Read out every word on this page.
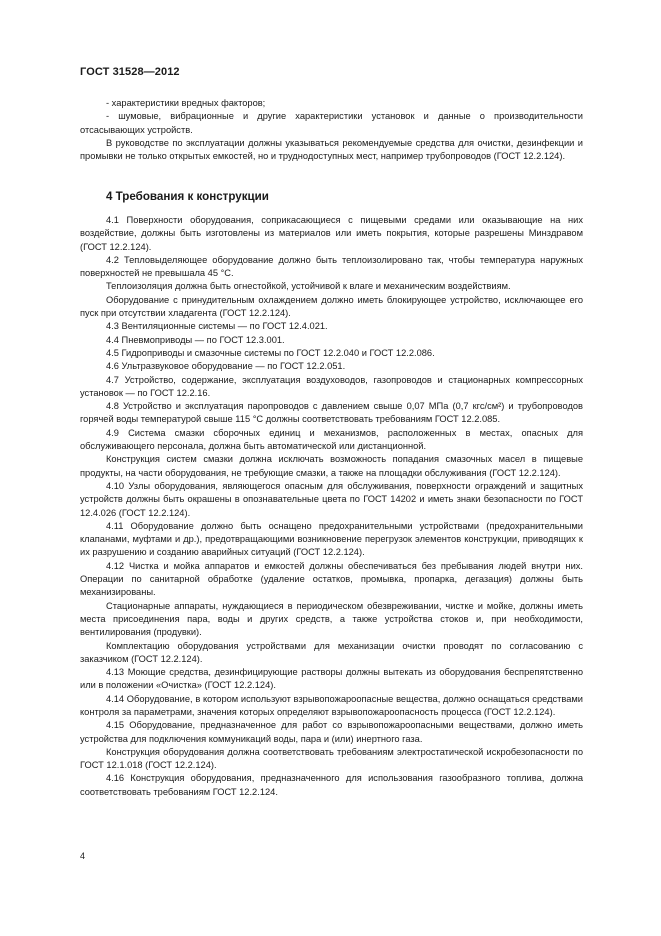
ГОСТ 31528—2012

- характеристики вредных факторов;

- шумовые, вибрационные и другие характеристики установок и данные о производительности отсасывающих устройств.

В руководстве по эксплуатации должны указываться рекомендуемые средства для очистки, дезинфекции и промывки не только открытых емкостей, но и труднодоступных мест, например трубопроводов (ГОСТ 12.2.124).

4 Требования к конструкции

4.1 Поверхности оборудования, соприкасающиеся с пищевыми средами или оказывающие на них воздействие, должны быть изготовлены из материалов или иметь покрытия, которые разрешены Минздравом (ГОСТ 12.2.124).

4.2 Тепловыделяющее оборудование должно быть теплоизолировано так, чтобы температура наружных поверхностей не превышала 45 °С.

Теплоизоляция должна быть огнестойкой, устойчивой к влаге и механическим воздействиям.

Оборудование с принудительным охлаждением должно иметь блокирующее устройство, исключающее его пуск при отсутствии хладагента (ГОСТ 12.2.124).

4.3 Вентиляционные системы — по ГОСТ 12.4.021.

4.4 Пневмоприводы — по ГОСТ 12.3.001.

4.5 Гидроприводы и смазочные системы по ГОСТ 12.2.040 и ГОСТ 12.2.086.

4.6 Ультразвуковое оборудование — по ГОСТ 12.2.051.

4.7 Устройство, содержание, эксплуатация воздуховодов, газопроводов и стационарных компрессорных установок — по ГОСТ 12.2.16.

4.8 Устройство и эксплуатация паропроводов с давлением свыше 0,07 МПа (0,7 кгс/см²) и трубопроводов горячей воды температурой свыше 115 °С должны соответствовать требованиям ГОСТ 12.2.085.

4.9 Система смазки сборочных единиц и механизмов, расположенных в местах, опасных для обслуживающего персонала, должна быть автоматической или дистанционной.

Конструкция систем смазки должна исключать возможность попадания смазочных масел в пищевые продукты, на части оборудования, не требующие смазки, а также на площадки обслуживания (ГОСТ 12.2.124).

4.10 Узлы оборудования, являющегося опасным для обслуживания, поверхности ограждений и защитных устройств должны быть окрашены в опознавательные цвета по ГОСТ 14202 и иметь знаки безопасности по ГОСТ 12.4.026 (ГОСТ 12.2.124).

4.11 Оборудование должно быть оснащено предохранительными устройствами (предохранительными клапанами, муфтами и др.), предотвращающими возникновение перегрузок элементов конструкции, приводящих к их разрушению и созданию аварийных ситуаций (ГОСТ 12.2.124).

4.12 Чистка и мойка аппаратов и емкостей должны обеспечиваться без пребывания людей внутри них. Операции по санитарной обработке (удаление остатков, промывка, пропарка, дегазация) должны быть механизированы.

Стационарные аппараты, нуждающиеся в периодическом обезвреживании, чистке и мойке, должны иметь места присоединения пара, воды и других средств, а также устройства стоков и, при необходимости, вентилирования (продувки).

Комплектацию оборудования устройствами для механизации очистки проводят по согласованию с заказчиком (ГОСТ 12.2.124).

4.13 Моющие средства, дезинфицирующие растворы должны вытекать из оборудования беспрепятственно или в положении «Очистка» (ГОСТ 12.2.124).

4.14 Оборудование, в котором используют взрывопожароопасные вещества, должно оснащаться средствами контроля за параметрами, значения которых определяют взрывопожароопасность процесса (ГОСТ 12.2.124).

4.15 Оборудование, предназначенное для работ со взрывопожароопасными веществами, должно иметь устройства для подключения коммуникаций воды, пара и (или) инертного газа.

Конструкция оборудования должна соответствовать требованиям электростатической искробезопасности по ГОСТ 12.1.018 (ГОСТ 12.2.124).

4.16 Конструкция оборудования, предназначенного для использования газообразного топлива, должна соответствовать требованиям ГОСТ 12.2.124.

4
